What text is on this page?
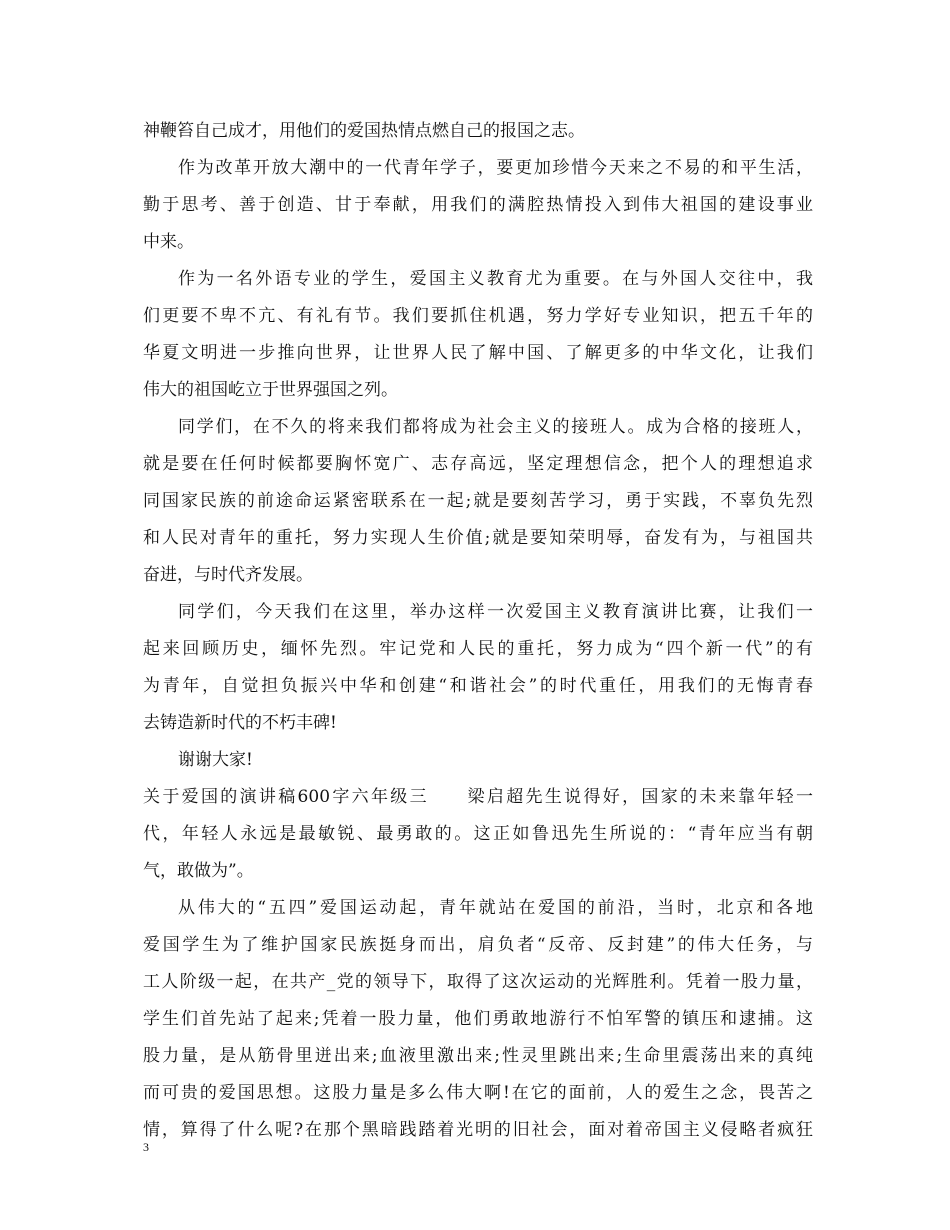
神鞭笞自己成才，用他们的爱国热情点燃自己的报国之志。
作为改革开放大潮中的一代青年学子，要更加珍惜今天来之不易的和平生活，
勤于思考、善于创造、甘于奉献，用我们的满腔热情投入到伟大祖国的建设事业
中来。
作为一名外语专业的学生，爱国主义教育尤为重要。在与外国人交往中，我
们更要不卑不亢、有礼有节。我们要抓住机遇，努力学好专业知识，把五千年的
华夏文明进一步推向世界，让世界人民了解中国、了解更多的中华文化，让我们
伟大的祖国屹立于世界强国之列。
同学们，在不久的将来我们都将成为社会主义的接班人。成为合格的接班人，
就是要在任何时候都要胸怀宽广、志存高远，坚定理想信念，把个人的理想追求
同国家民族的前途命运紧密联系在一起;就是要刻苦学习，勇于实践，不辜负先烈
和人民对青年的重托，努力实现人生价值;就是要知荣明辱，奋发有为，与祖国共
奋进，与时代齐发展。
同学们，今天我们在这里，举办这样一次爱国主义教育演讲比赛，让我们一
起来回顾历史，缅怀先烈。牢记党和人民的重托，努力成为“四个新一代”的有
为青年，自觉担负振兴中华和创建“和谐社会”的时代重任，用我们的无悔青春
去铸造新时代的不朽丰碑!
谢谢大家!
关于爱国的演讲稿600字六年级三　　梁启超先生说得好，国家的未来靠年轻一
代，年轻人永远是最敏锐、最勇敢的。这正如鲁迅先生所说的：“青年应当有朝
气，敢做为”。
从伟大的“五四”爱国运动起，青年就站在爱国的前沿，当时，北京和各地
爱国学生为了维护国家民族挺身而出，肩负者“反帝、反封建”的伟大任务，与
工人阶级一起，在共产_党的领导下，取得了这次运动的光辉胜利。凭着一股力量，
学生们首先站了起来;凭着一股力量，他们勇敢地游行不怕军警的镇压和逮捕。这
股力量，是从筋骨里迸出来;血液里激出来;性灵里跳出来;生命里震荡出来的真纯
而可贵的爱国思想。这股力量是多么伟大啊!在它的面前，人的爱生之念，畏苦之
情，算得了什么呢?在那个黑暗践踏着光明的旧社会，面对着帝国主义侵略者疯狂
3
